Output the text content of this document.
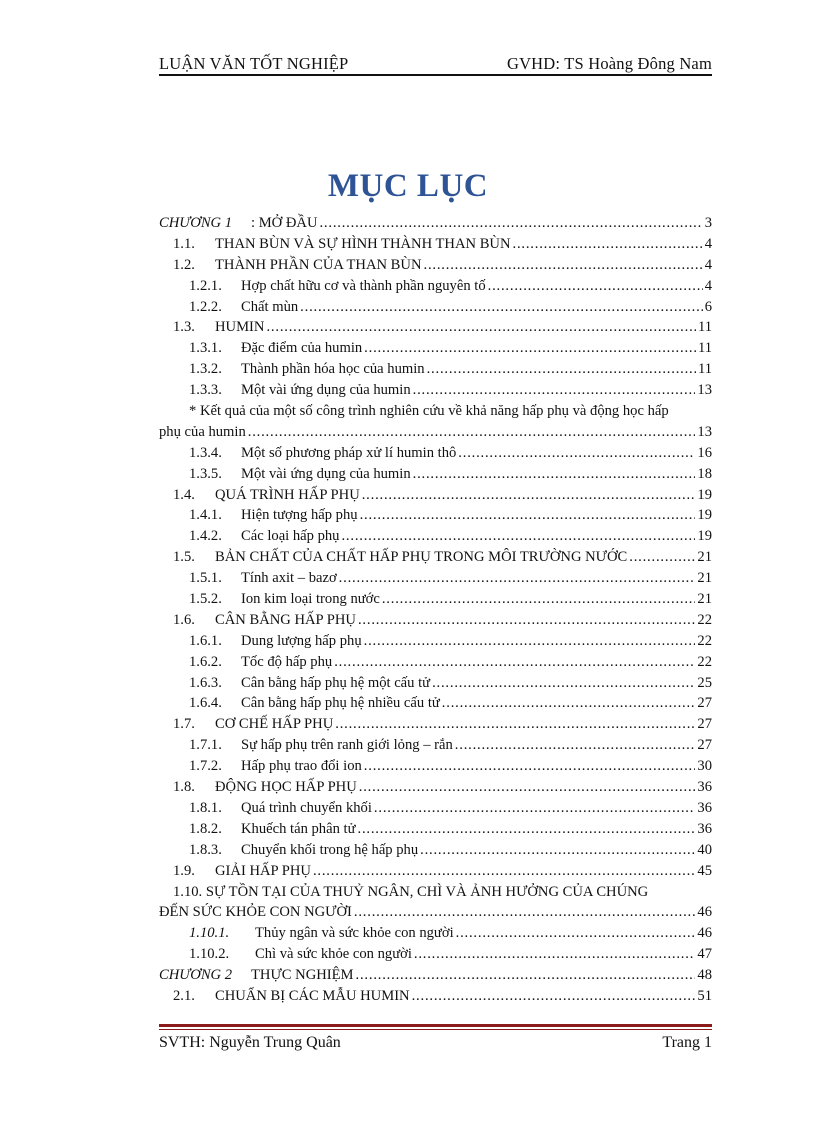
LUẬN VĂN TỐT NGHIỆP	GVHD: TS Hoàng Đông Nam
MỤC LỤC
CHƯƠNG 1	: MỞ ĐẦU .....	3
1.1.	THAN BÙN VÀ SỰ HÌNH THÀNH THAN BÙN .....	4
1.2.	THÀNH PHẦN CỦA THAN BÙN .....	4
1.2.1.	Hợp chất hữu cơ và thành phần nguyên tố .....	4
1.2.2.	Chất mùn .....	6
1.3.	HUMIN .....	11
1.3.1.	Đặc điểm của humin .....	11
1.3.2.	Thành phần hóa học của humin .....	11
1.3.3.	Một vài ứng dụng của humin .....	13
* Kết quả của một số công trình nghiên cứu về khả năng hấp phụ và động học hấp
phụ của humin .....	13
1.3.4.	Một số phương pháp xử lí humin thô .....	16
1.3.5.	Một vài ứng dụng của humin .....	18
1.4.	QUÁ TRÌNH HẤP PHỤ .....	19
1.4.1.	Hiện tượng hấp phụ .....	19
1.4.2.	Các loại hấp phụ .....	19
1.5.	BẢN CHẤT CỦA CHẤT HẤP PHỤ TRONG MÔI TRƯỜNG NƯỚC .....	21
1.5.1.	Tính axit – bazơ .....	21
1.5.2.	Ion kim loại trong nước .....	21
1.6.	CÂN BẰNG HẤP PHỤ .....	22
1.6.1.	Dung lượng hấp phụ .....	22
1.6.2.	Tốc độ hấp phụ .....	22
1.6.3.	Cân bằng hấp phụ hệ một cấu tử .....	25
1.6.4.	Cân bằng hấp phụ hệ nhiều cấu tử .....	27
1.7.	CƠ CHẾ HẤP PHỤ .....	27
1.7.1.	Sự hấp phụ trên ranh giới lỏng – rắn .....	27
1.7.2.	Hấp phụ trao đổi ion .....	30
1.8.	ĐỘNG HỌC HẤP PHỤ .....	36
1.8.1.	Quá trình chuyển khối .....	36
1.8.2.	Khuếch tán phân tử .....	36
1.8.3.	Chuyển khối trong hệ hấp phụ .....	40
1.9.	GIẢI HẤP PHỤ .....	45
1.10. SỰ TỒN TẠI CỦA THUỶ NGÂN, CHÌ VÀ ẢNH HƯỞNG CỦA CHÚNG
ĐẾN SỨC KHỎE CON NGƯỜI .....	46
1.10.1.	Thủy ngân và sức khỏe con người .....	46
1.10.2.	Chì và sức khỏe con người .....	47
CHƯƠNG 2	THỰC NGHIỆM .....	48
2.1.	CHUẨN BỊ CÁC MẪU HUMIN .....	51
SVTH: Nguyễn Trung Quân	Trang 1
